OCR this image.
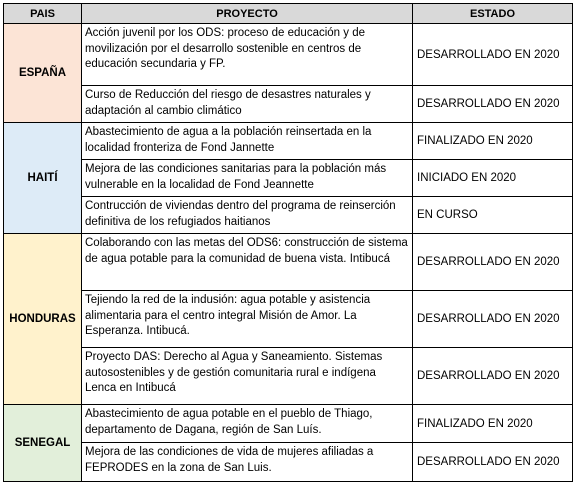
PAIS	PROYECTO	ESTADO
ESPAÑA	Acción juvenil por los ODS: proceso de educación y de movilización por el desarrollo sostenible en centros de educación secundaria y FP.	DESARROLLADO EN 2020
	Curso de Reducción del riesgo de desastres naturales y adaptación al cambio climático	DESARROLLADO EN 2020
HAITÍ	Abastecimiento de agua a la población reinsertada en la localidad fronteriza de Fond Jannette	FINALIZADO EN 2020
	Mejora de las condiciones sanitarias para la población más vulnerable en la localidad de Fond Jeannette	INICIADO EN 2020
	Contrucción de viviendas dentro del programa de reinserción definitiva de los refugiados haitianos	EN CURSO
HONDURAS	Colaborando con las metas del ODS6: construcción de sistema de agua potable para la comunidad de buena vista. Intibucá	DESARROLLADO EN 2020
	Tejiendo la red de la indusión: agua potable y asistencia alimentaria para el centro integral Misión de Amor. La Esperanza. Intibucá.	DESARROLLADO EN 2020
	Proyecto DAS: Derecho al Agua y Saneamiento. Sistemas autosostenibles y de gestión comunitaria rural e indígena Lenca en Intibucá	DESARROLLADO EN 2020
SENEGAL	Abastecimiento de agua potable en el pueblo de Thiago, departamento de Dagana, región de San Luís.	FINALIZADO EN 2020
	Mejora de las condiciones de vida de mujeres afiliadas a FEPRODES en la zona de San Luis.	DESARROLLADO EN 2020
